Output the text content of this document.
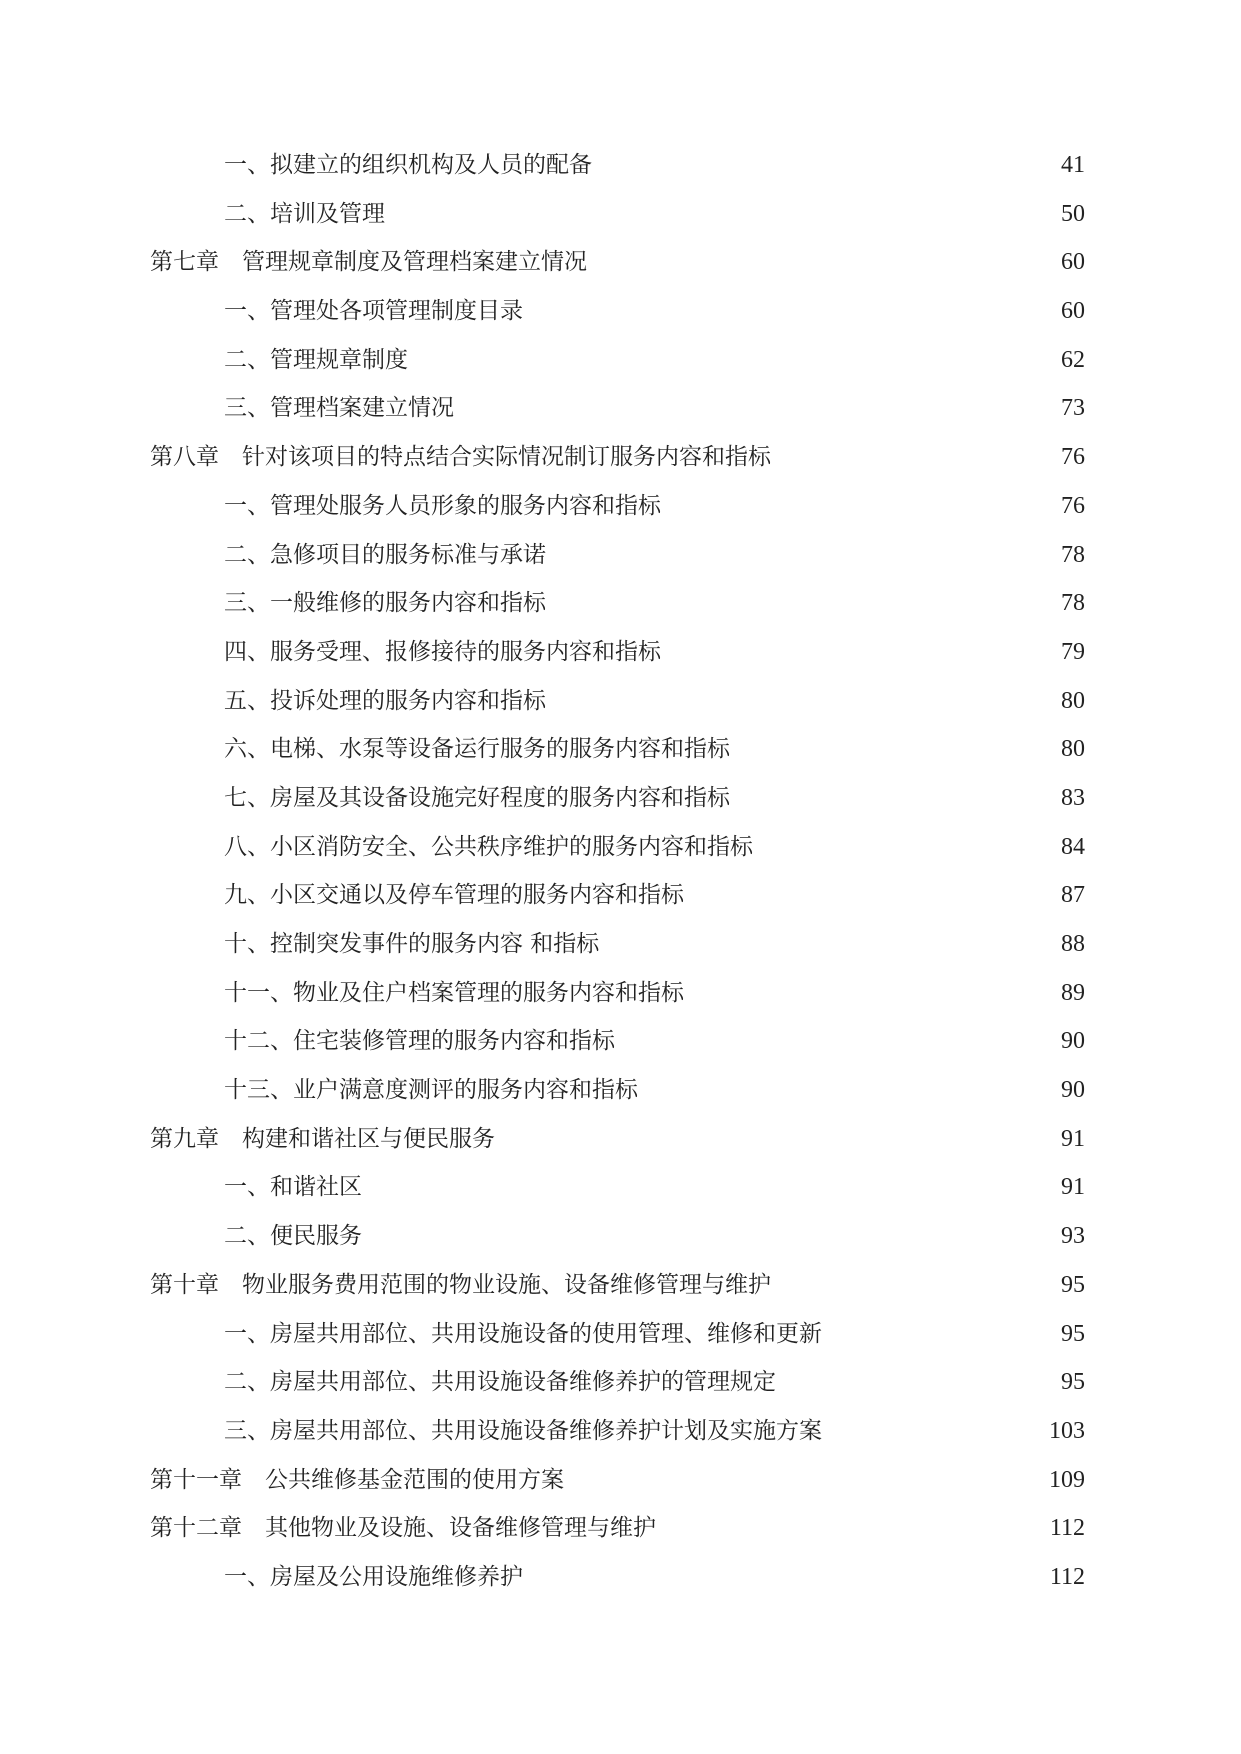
一、拟建立的组织机构及人员的配备	41
二、培训及管理	50
第七章　管理规章制度及管理档案建立情况	60
一、管理处各项管理制度目录	60
二、管理规章制度	62
三、管理档案建立情况	73
第八章　针对该项目的特点结合实际情况制订服务内容和指标	76
一、管理处服务人员形象的服务内容和指标	76
二、急修项目的服务标准与承诺	78
三、一般维修的服务内容和指标	78
四、服务受理、报修接待的服务内容和指标	79
五、投诉处理的服务内容和指标	80
六、电梯、水泵等设备运行服务的服务内容和指标	80
七、房屋及其设备设施完好程度的服务内容和指标	83
八、小区消防安全、公共秩序维护的服务内容和指标	84
九、小区交通以及停车管理的服务内容和指标	87
十、控制突发事件的服务内容 和指标	88
十一、物业及住户档案管理的服务内容和指标	89
十二、住宅装修管理的服务内容和指标	90
十三、业户满意度测评的服务内容和指标	90
第九章　构建和谐社区与便民服务	91
一、和谐社区	91
二、便民服务	93
第十章　物业服务费用范围的物业设施、设备维修管理与维护	95
一、房屋共用部位、共用设施设备的使用管理、维修和更新	95
二、房屋共用部位、共用设施设备维修养护的管理规定	95
三、房屋共用部位、共用设施设备维修养护计划及实施方案	103
第十一章　公共维修基金范围的使用方案	109
第十二章　其他物业及设施、设备维修管理与维护	112
一、房屋及公用设施维修养护	112
